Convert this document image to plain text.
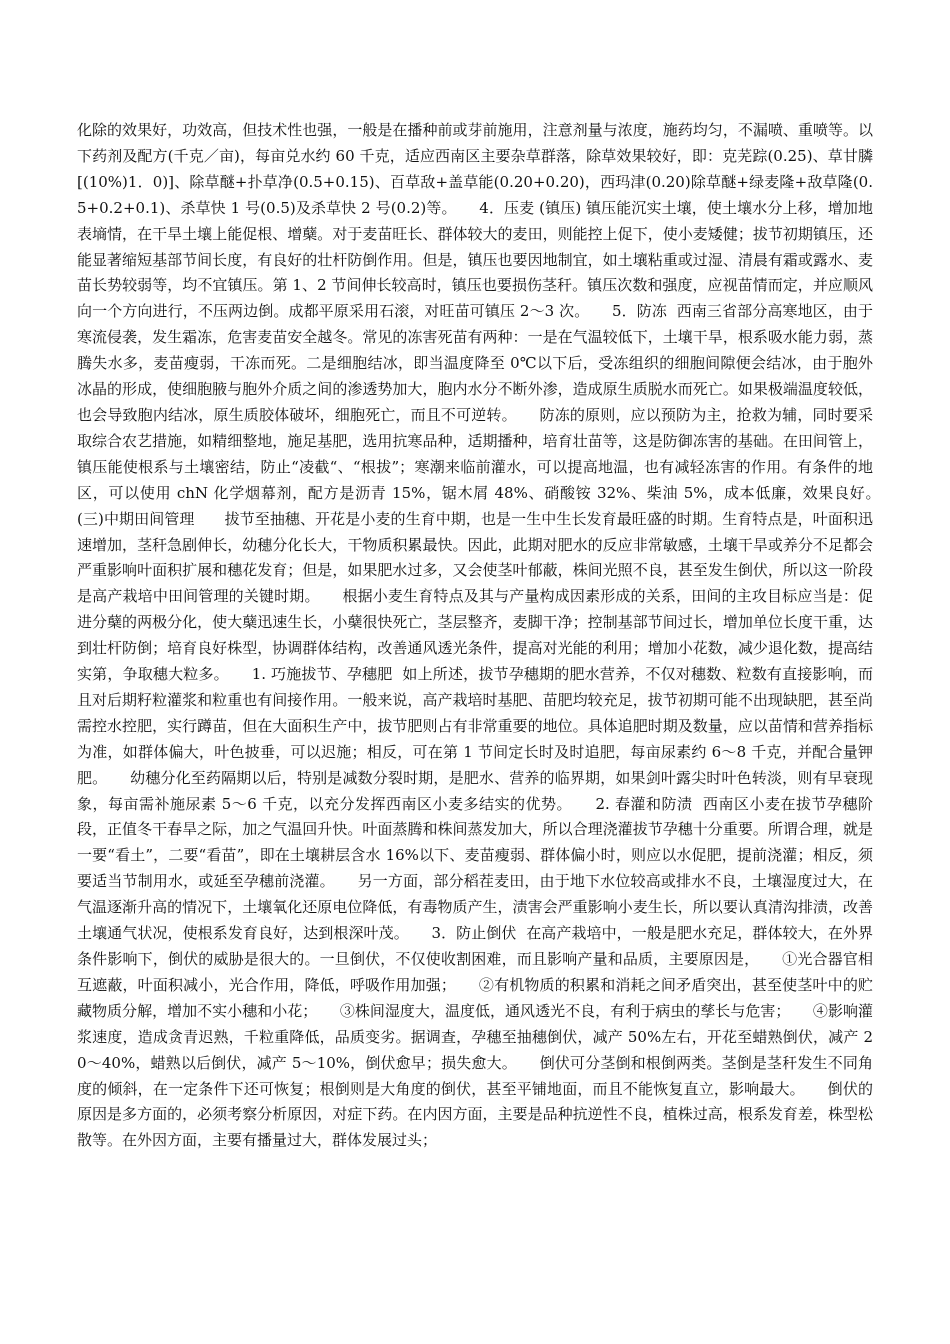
化除的效果好，功效高，但技术性也强，一般是在播种前或芽前施用，注意剂量与浓度，施药均匀，不漏喷、重喷等。以下药剂及配方(千克／亩)，每亩兑水约 60 千克，适应西南区主要杂草群落，除草效果较好，即：克芜踪(0.25)、草甘膦[(10%)1．0)]、除草醚+扑草净(0.5+0.15)、百草敌+盖草能(0.20+0.20)，西玛津(0.20)除草醚+绿麦隆+敌草隆(0.5+0.2+0.1)、杀草快 1 号(0.5)及杀草快 2 号(0.2)等。　　4．压麦 (镇压) 镇压能沉实土壤，使土壤水分上移，增加地表墒情，在干旱土壤上能促根、增蘖。对于麦苗旺长、群体较大的麦田，则能控上促下，使小麦矮健；拔节初期镇压，还能显著缩短基部节间长度，有良好的壮杆防倒作用。但是，镇压也要因地制宜，如土壤粘重或过湿、清晨有霜或露水、麦苗长势较弱等，均不宜镇压。第 1、2 节间伸长较高时，镇压也要损伤茎秆。镇压次数和强度，应视苗情而定，并应顺风向一个方向进行，不压两边倒。成都平原采用石滚，对旺苗可镇压 2～3 次。　　5．防冻  西南三省部分高寒地区，由于寒流侵袭，发生霜冻，危害麦苗安全越冬。常见的冻害死苗有两种：一是在气温较低下，土壤干旱，根系吸水能力弱，蒸腾失水多，麦苗瘦弱，干冻而死。二是细胞结冰，即当温度降至 0℃以下后，受冻组织的细胞间隙便会结冰，由于胞外冰晶的形成，使细胞腋与胞外介质之间的渗透势加大，胞内水分不断外渗，造成原生质脱水而死亡。如果极端温度较低，也会导致胞内结冰，原生质胶体破坏，细胞死亡，而且不可逆转。　　防冻的原则，应以预防为主，抢救为辅，同时要采取综合农艺措施，如精细整地，施足基肥，选用抗寒品种，适期播种，培育壮苗等，这是防御冻害的基础。在田间管上，镇压能使根系与土壤密结，防止“凌截“、“根拔”；寒潮来临前灌水，可以提高地温，也有减轻冻害的作用。有条件的地区，可以使用 chN 化学烟幕剂，配方是沥青 15%，锯木屑 48%、硝酸铵 32%、柴油 5%，成本低廉，效果良好。　　(三)中期田间管理　　拔节至抽穗、开花是小麦的生育中期，也是一生中生长发育最旺盛的时期。生育特点是，叶面积迅速增加，茎秆急剧伸长，幼穗分化长大，干物质积累最快。因此，此期对肥水的反应非常敏感，土壤干旱或养分不足都会严重影响叶面积扩展和穗花发育；但是，如果肥水过多，又会使茎叶郁蔽，株间光照不良，甚至发生倒伏，所以这一阶段是高产栽培中田间管理的关键时期。　　根据小麦生育特点及其与产量构成因素形成的关系，田间的主攻目标应当是：促进分蘖的两极分化，使大蘖迅速生长，小蘖很快死亡，茎层整齐，麦脚干净；控制基部节间过长，增加单位长度干重，达到壮杆防倒；培育良好株型，协调群体结构，改善通风透光条件，提高对光能的利用；增加小花数，减少退化数，提高结实第，争取穗大粒多。　　1. 巧施拔节、孕穗肥  如上所述，拔节孕穗期的肥水营养，不仅对穗数、粒数有直接影响，而且对后期籽粒灌浆和粒重也有间接作用。一般来说，高产栽培时基肥、苗肥均较充足，拔节初期可能不出现缺肥，甚至尚需控水控肥，实行蹲苗，但在大面积生产中，拔节肥则占有非常重要的地位。具体追肥时期及数量，应以苗情和营养指标为准，如群体偏大，叶色披垂，可以迟施；相反，可在第 1 节间定长时及时追肥，每亩尿素约 6～8 千克，并配合量钾肥。　　幼穗分化至药隔期以后，特别是减数分裂时期，是肥水、营养的临界期，如果剑叶露尖时叶色转淡，则有早衰现象，每亩需补施尿素 5～6 千克，以充分发挥西南区小麦多结实的优势。　　2. 春灌和防渍  西南区小麦在拔节孕穗阶段，正值冬干春旱之际，加之气温回升快。叶面蒸腾和株间蒸发加大，所以合理浇灌拔节孕穗十分重要。所谓合理，就是一要“看土”，二要“看苗”，即在土壤耕层含水 16%以下、麦苗瘦弱、群体偏小时，则应以水促肥，提前浇灌；相反，须要适当节制用水，或延至孕穗前浇灌。　　另一方面，部分稻茬麦田，由于地下水位较高或排水不良，土壤湿度过大，在气温逐渐升高的情况下，土壤氧化还原电位降低，有毒物质产生，渍害会严重影响小麦生长，所以要认真清沟排渍，改善土壤通气状况，使根系发育良好，达到根深叶茂。　　3．防止倒伏  在高产栽培中，一般是肥水充足，群体较大，在外界条件影响下，倒伏的威胁是很大的。一旦倒伏，不仅使收割困难，而且影响产量和品质，主要原因是，　　①光合器官相互遮蔽，叶面积减小，光合作用，降低，呼吸作用加强；　　②有机物质的积累和消耗之间矛盾突出，甚至使茎叶中的贮藏物质分解，增加不实小穗和小花；　　③株间湿度大，温度低，通风透光不良，有利于病虫的孳长与危害；　　④影响灌浆速度，造成贪青迟熟，千粒重降低，品质变劣。据调查，孕穗至抽穗倒伏，减产 50%左右，开花至蜡熟倒伏，减产 20～40%，蜡熟以后倒伏，减产 5～10%，倒伏愈早；损失愈大。　　倒伏可分茎倒和根倒两类。茎倒是茎秆发生不同角度的倾斜，在一定条件下还可恢复；根倒则是大角度的倒伏，甚至平铺地面，而且不能恢复直立，影响最大。　　倒伏的原因是多方面的，必须考察分析原因，对症下药。在内因方面，主要是品种抗逆性不良，植株过高，根系发育差，株型松散等。在外因方面，主要有播量过大，群体发展过头；
